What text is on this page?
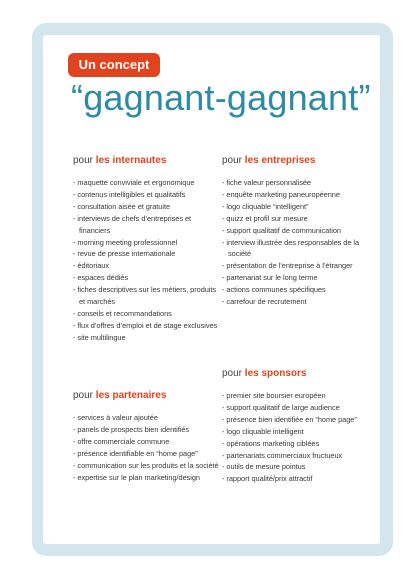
Un concept
“gagnant-gagnant”
pour les internautes
- maquette conviviale et ergonomique
- contenus intelligibles et qualitatifs
- consultation aisée et gratuite
- interviews de chefs d’entreprises et financiers
- morning meeting professionnel
- revue de presse internationale
- éditoriaux
- espaces dédiés
- fiches descriptives sur les métiers, produits et marchés
- conseils et recommandations
- flux d’offres d’emploi et de stage exclusives
- site multilingue
pour les entreprises
- fiche valeur personnalisée
- enquête marketing paneuropéenne
- logo cliquable “intelligent”
- quizz et profil sur mesure
- support qualitatif de communication
- interview illustrée des responsables de la société
- présentation de l’entreprise à l’étranger
- partenariat sur le long terme
- actions communes spécifiques
- carrefour de recrutement
pour les sponsors
- premier site boursier européen
- support qualitatif de large audience
- présence bien identifiée en “home page”
- logo cliquable intelligent
- opérations marketing ciblées
- partenariats commerciaux fructueux
- outils de mesure pointus
- rapport qualité/prix attractif
pour les partenaires
- services à valeur ajoutée
- panels de prospects bien identifiés
- offre commerciale commune
- présence identifiable en “home page”
- communication sur les produits et la société
- expertise sur le plan marketing/design
